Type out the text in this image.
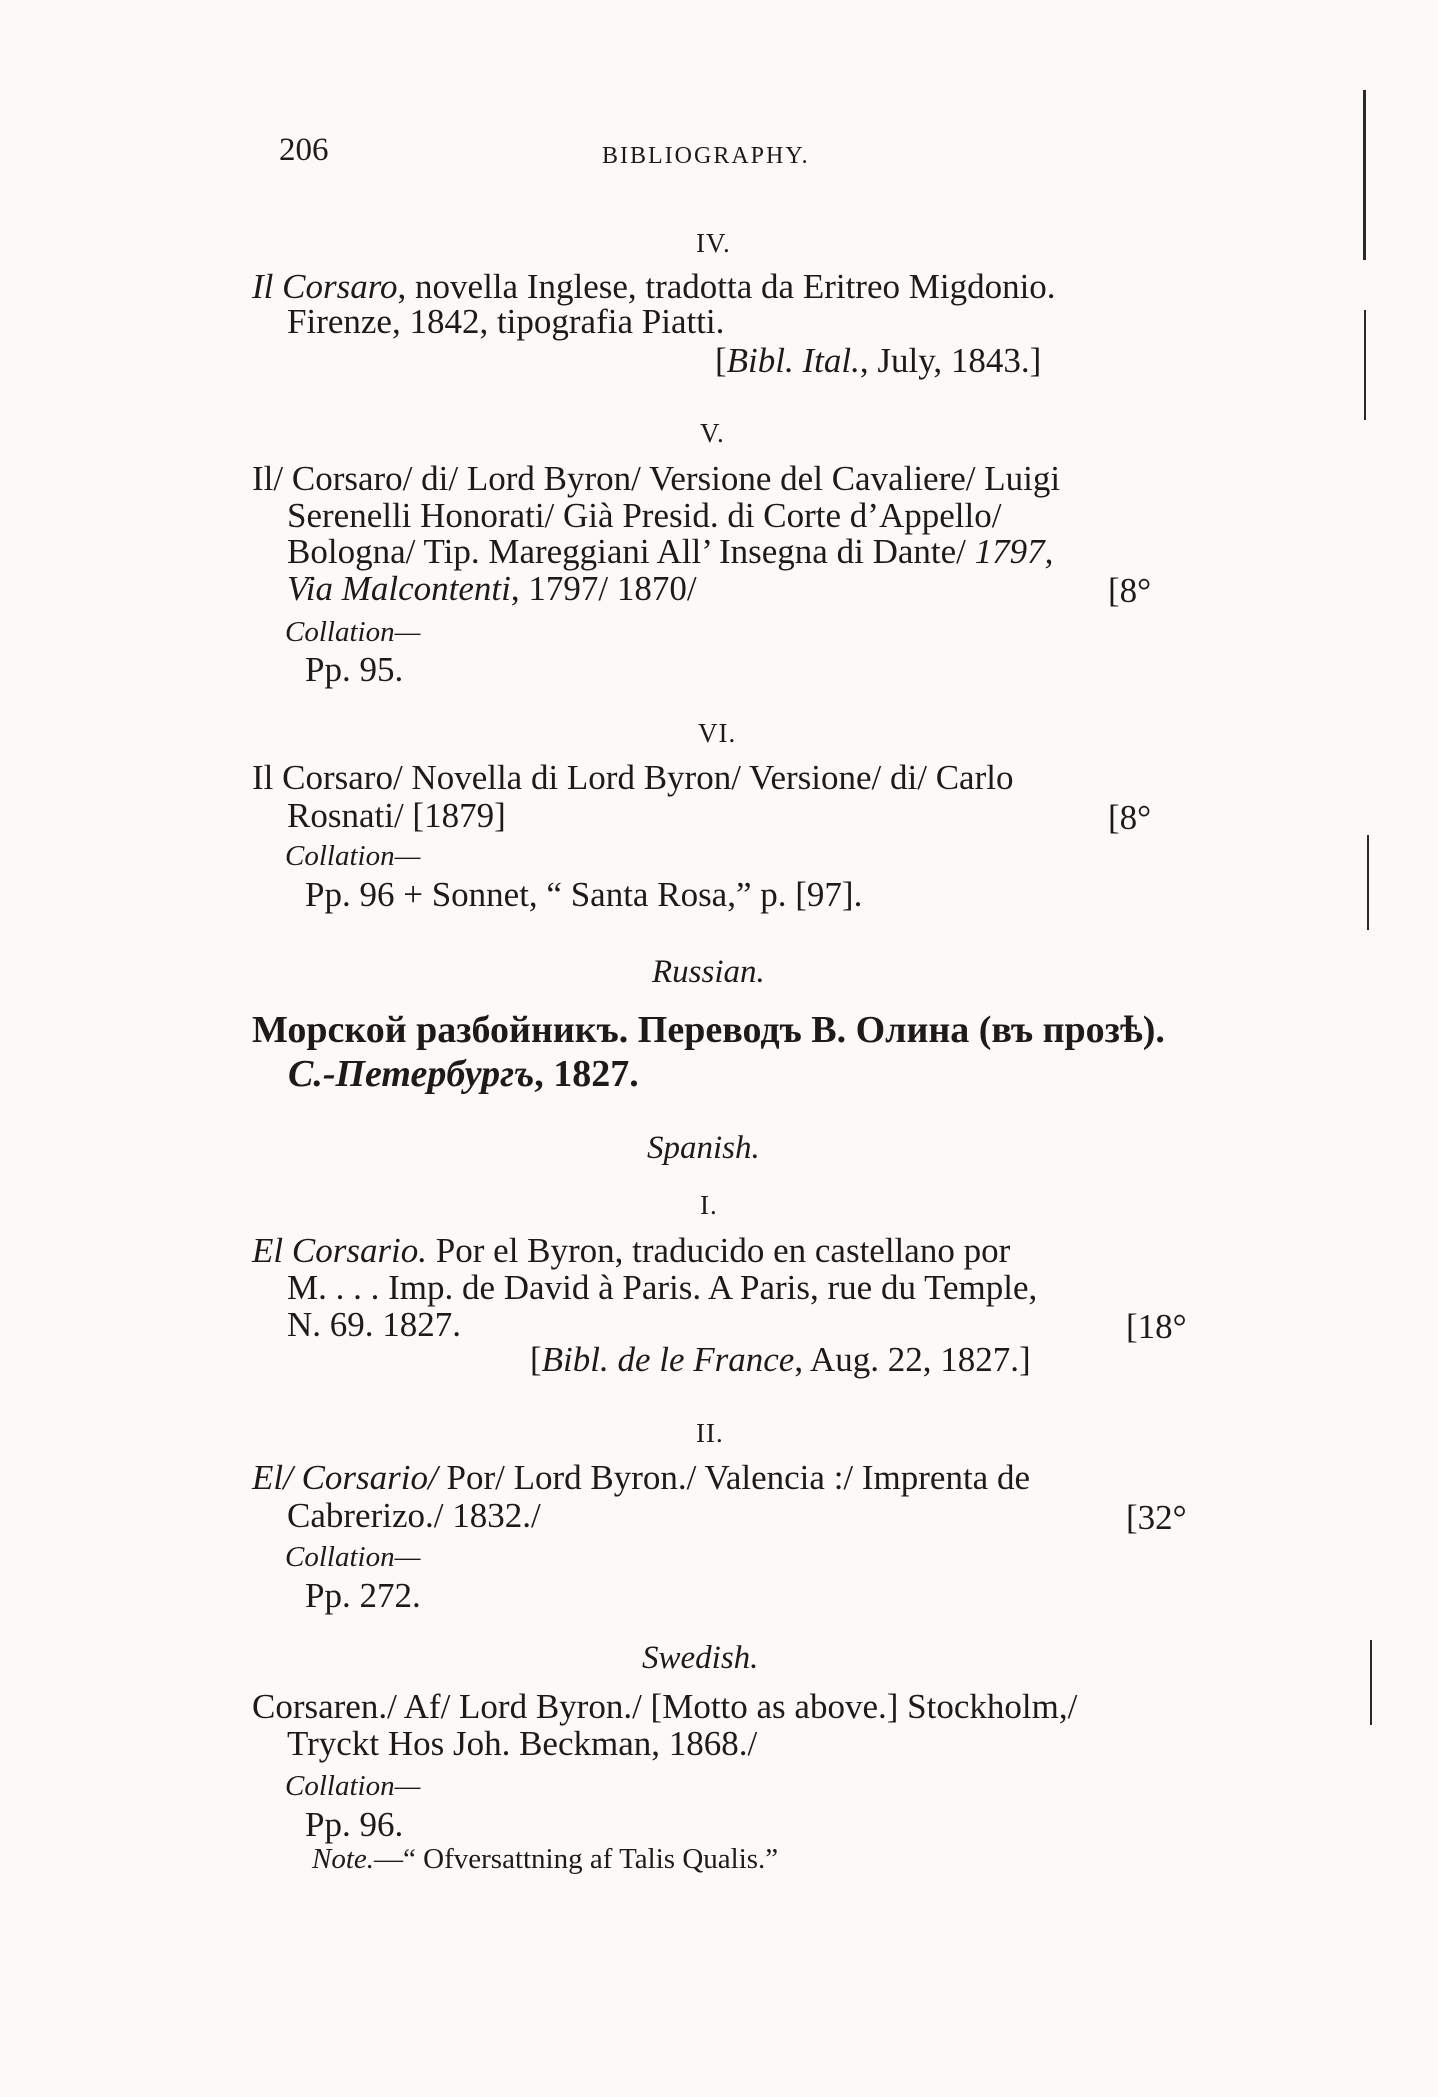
206	BIBLIOGRAPHY.
IV.
Il Corsaro, novella Inglese, tradotta da Eritreo Migdonio.
Firenze, 1842, tipografia Piatti.
[Bibl. Ital., July, 1843.]
V.
Il/ Corsaro/ di/ Lord Byron/ Versione del Cavaliere/ Luigi
Serenelli Honorati/ Già Presid. di Corte d’Appello/
Bologna/ Tip. Mareggiani All’ Insegna di Dante/ 1797,
Via Malcontenti, 1797/ 1870/	[8°
Collation—
Pp. 95.
VI.
Il Corsaro/ Novella di Lord Byron/ Versione/ di/ Carlo
Rosnati/ [1879]	[8°
Collation—
Pp. 96 + Sonnet, “ Santa Rosa,” p. [97].
Russian.
Морской разбойникъ. Переводъ В. Олина (въ прозѣ).
С.-Петербургъ, 1827.
Spanish.
I.
El Corsario. Por el Byron, traducido en castellano por
M. . . . Imp. de David à Paris. A Paris, rue du Temple,
N. 69. 1827.	[18°
[Bibl. de le France, Aug. 22, 1827.]
II.
El/ Corsario/ Por/ Lord Byron./ Valencia :/ Imprenta de
Cabrerizo./ 1832./	[32°
Collation—
Pp. 272.
Swedish.
Corsaren./ Af/ Lord Byron./ [Motto as above.] Stockholm,/
Tryckt Hos Joh. Beckman, 1868./
Collation—
Pp. 96.
Note.—“ Ofversattning af Talis Qualis.”
